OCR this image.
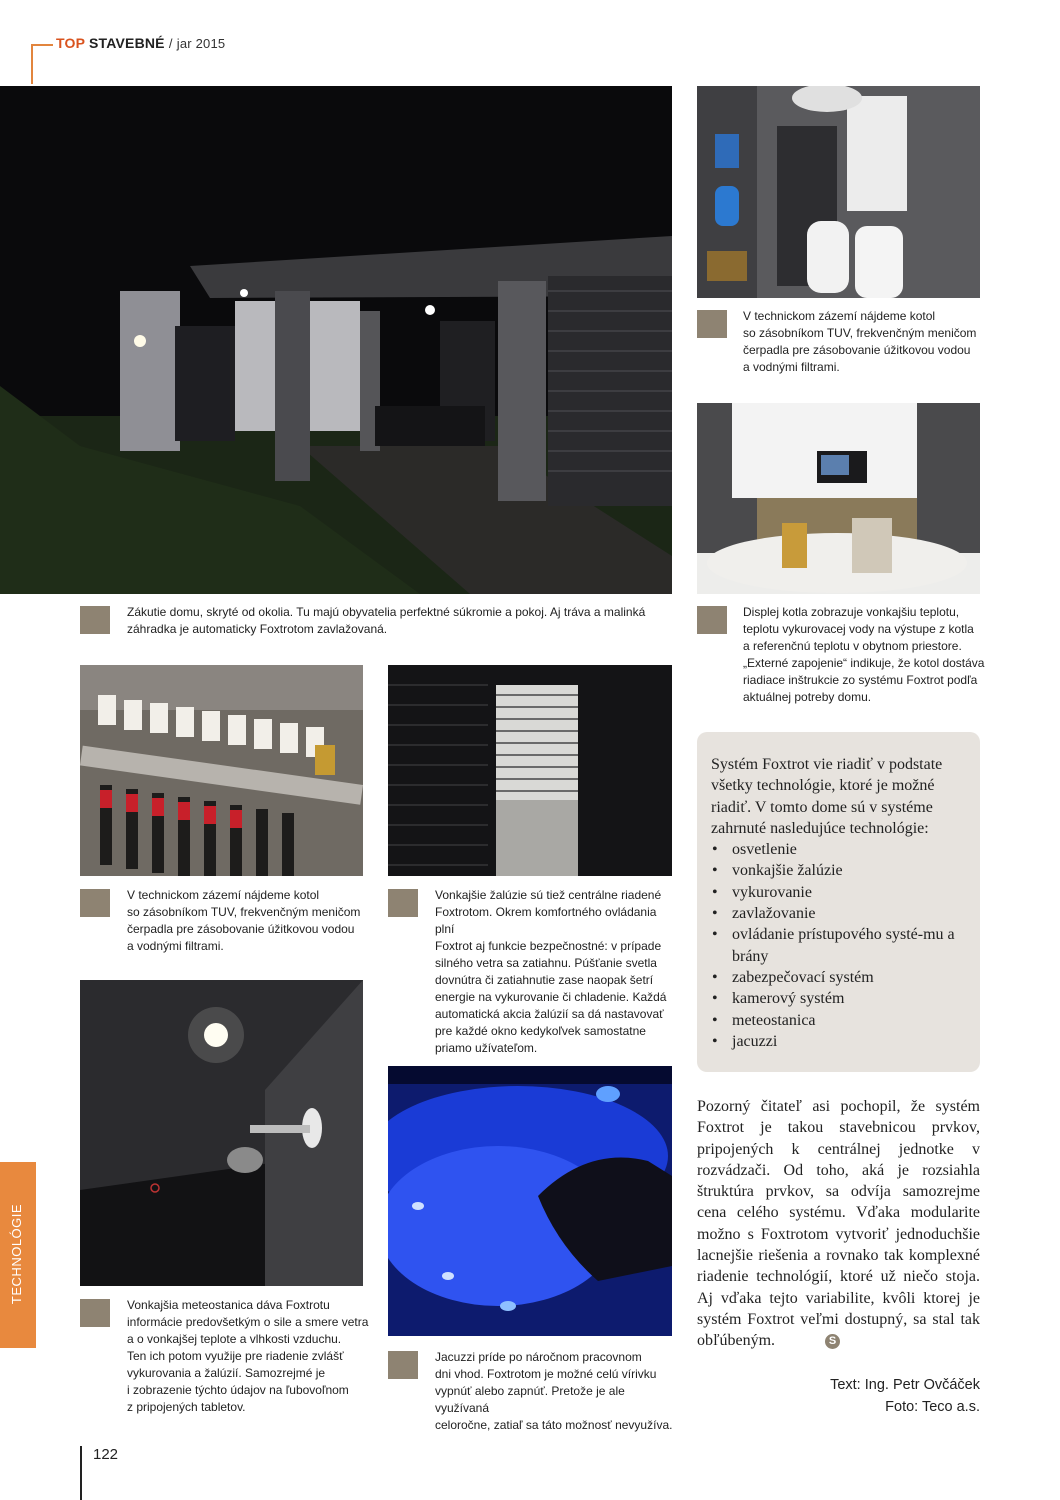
TOP STAVEBNÉ / jar 2015
TECHNOLÓGIE

V technickom zázemí nájdeme kotol

so zásobníkom TUV, frekvenčným meničom

čerpadla pre zásobovanie úžitkovou vodou

a vodnými filtrami.

Zákutie domu, skryté od okolia. Tu majú obyvatelia perfektné súkromie a pokoj. Aj tráva a malinká záhradka je automaticky Foxtrotom zavlažovaná.

Displej kotla zobrazuje vonkajšiu teplotu,

teplotu vykurovacej vody na výstupe z kotla

a referenčnú teplotu v obytnom priestore.

„Externé zapojenie“ indikuje, že kotol dostáva

riadiace inštrukcie zo systému Foxtrot podľa

aktuálnej potreby domu.

V technickom zázemí nájdeme kotol

so zásobníkom TUV, frekvenčným meničom

čerpadla pre zásobovanie úžitkovou vodou

a vodnými filtrami.

Vonkajšie žalúzie sú tiež centrálne riadené

Foxtrotom. Okrem komfortného ovládania plní

Foxtrot aj funkcie bezpečnostné: v prípade

silného vetra sa zatiahnu. Púšťanie svetla

dovnútra či zatiahnutie zase naopak šetrí

energie na vykurovanie či chladenie. Každá

automatická akcia žalúzií sa dá nastavovať

pre každé okno kedykoľvek samostatne

priamo užívateľom.

Systém Foxtrot vie riadiť v podstate všetky technológie, ktoré je možné riadiť. V tomto dome sú v systéme zahrnuté nasledujúce technológie:
• osvetlenie
• vonkajšie žalúzie
• vykurovanie
• zavlažovanie
• ovládanie prístupového systé-mu a brány
• zabezpečovací systém
• kamerový systém
• meteostanica
• jacuzzi
Pozorný čitateľ asi pochopil, že systém Foxtrot je takou stavebnicou prvkov, pripojených k centrálnej jednotke v rozvádzači. Od toho, aká je rozsiahla štruktúra prvkov, sa odvíja samozrejme cena celého systému. Vďaka modularite možno s Foxtrotom vytvoriť jednoduchšie lacnejšie riešenia a rovnako tak komplexné riadenie technológií, ktoré už niečo stoja. Aj vďaka tejto variabilite, kvôli ktorej je systém Foxtrot veľmi dostupný, sa stal tak obľúbeným.	S
Text: Ing. Petr Ovčáček
Foto: Teco a.s.

Vonkajšia meteostanica dáva Foxtrotu

informácie predovšetkým o sile a smere vetra

a o vonkajšej teplote a vlhkosti vzduchu.

Ten ich potom využije pre riadenie zvlášť

vykurovania a žalúzií. Samozrejmé je

i zobrazenie týchto údajov na ľubovoľnom

z pripojených tabletov.

Jacuzzi príde po náročnom pracovnom

dni vhod. Foxtrotom je možné celú vírivku

vypnúť alebo zapnúť. Pretože je ale využívaná

celoročne, zatiaľ sa táto možnosť nevyužíva.

122
